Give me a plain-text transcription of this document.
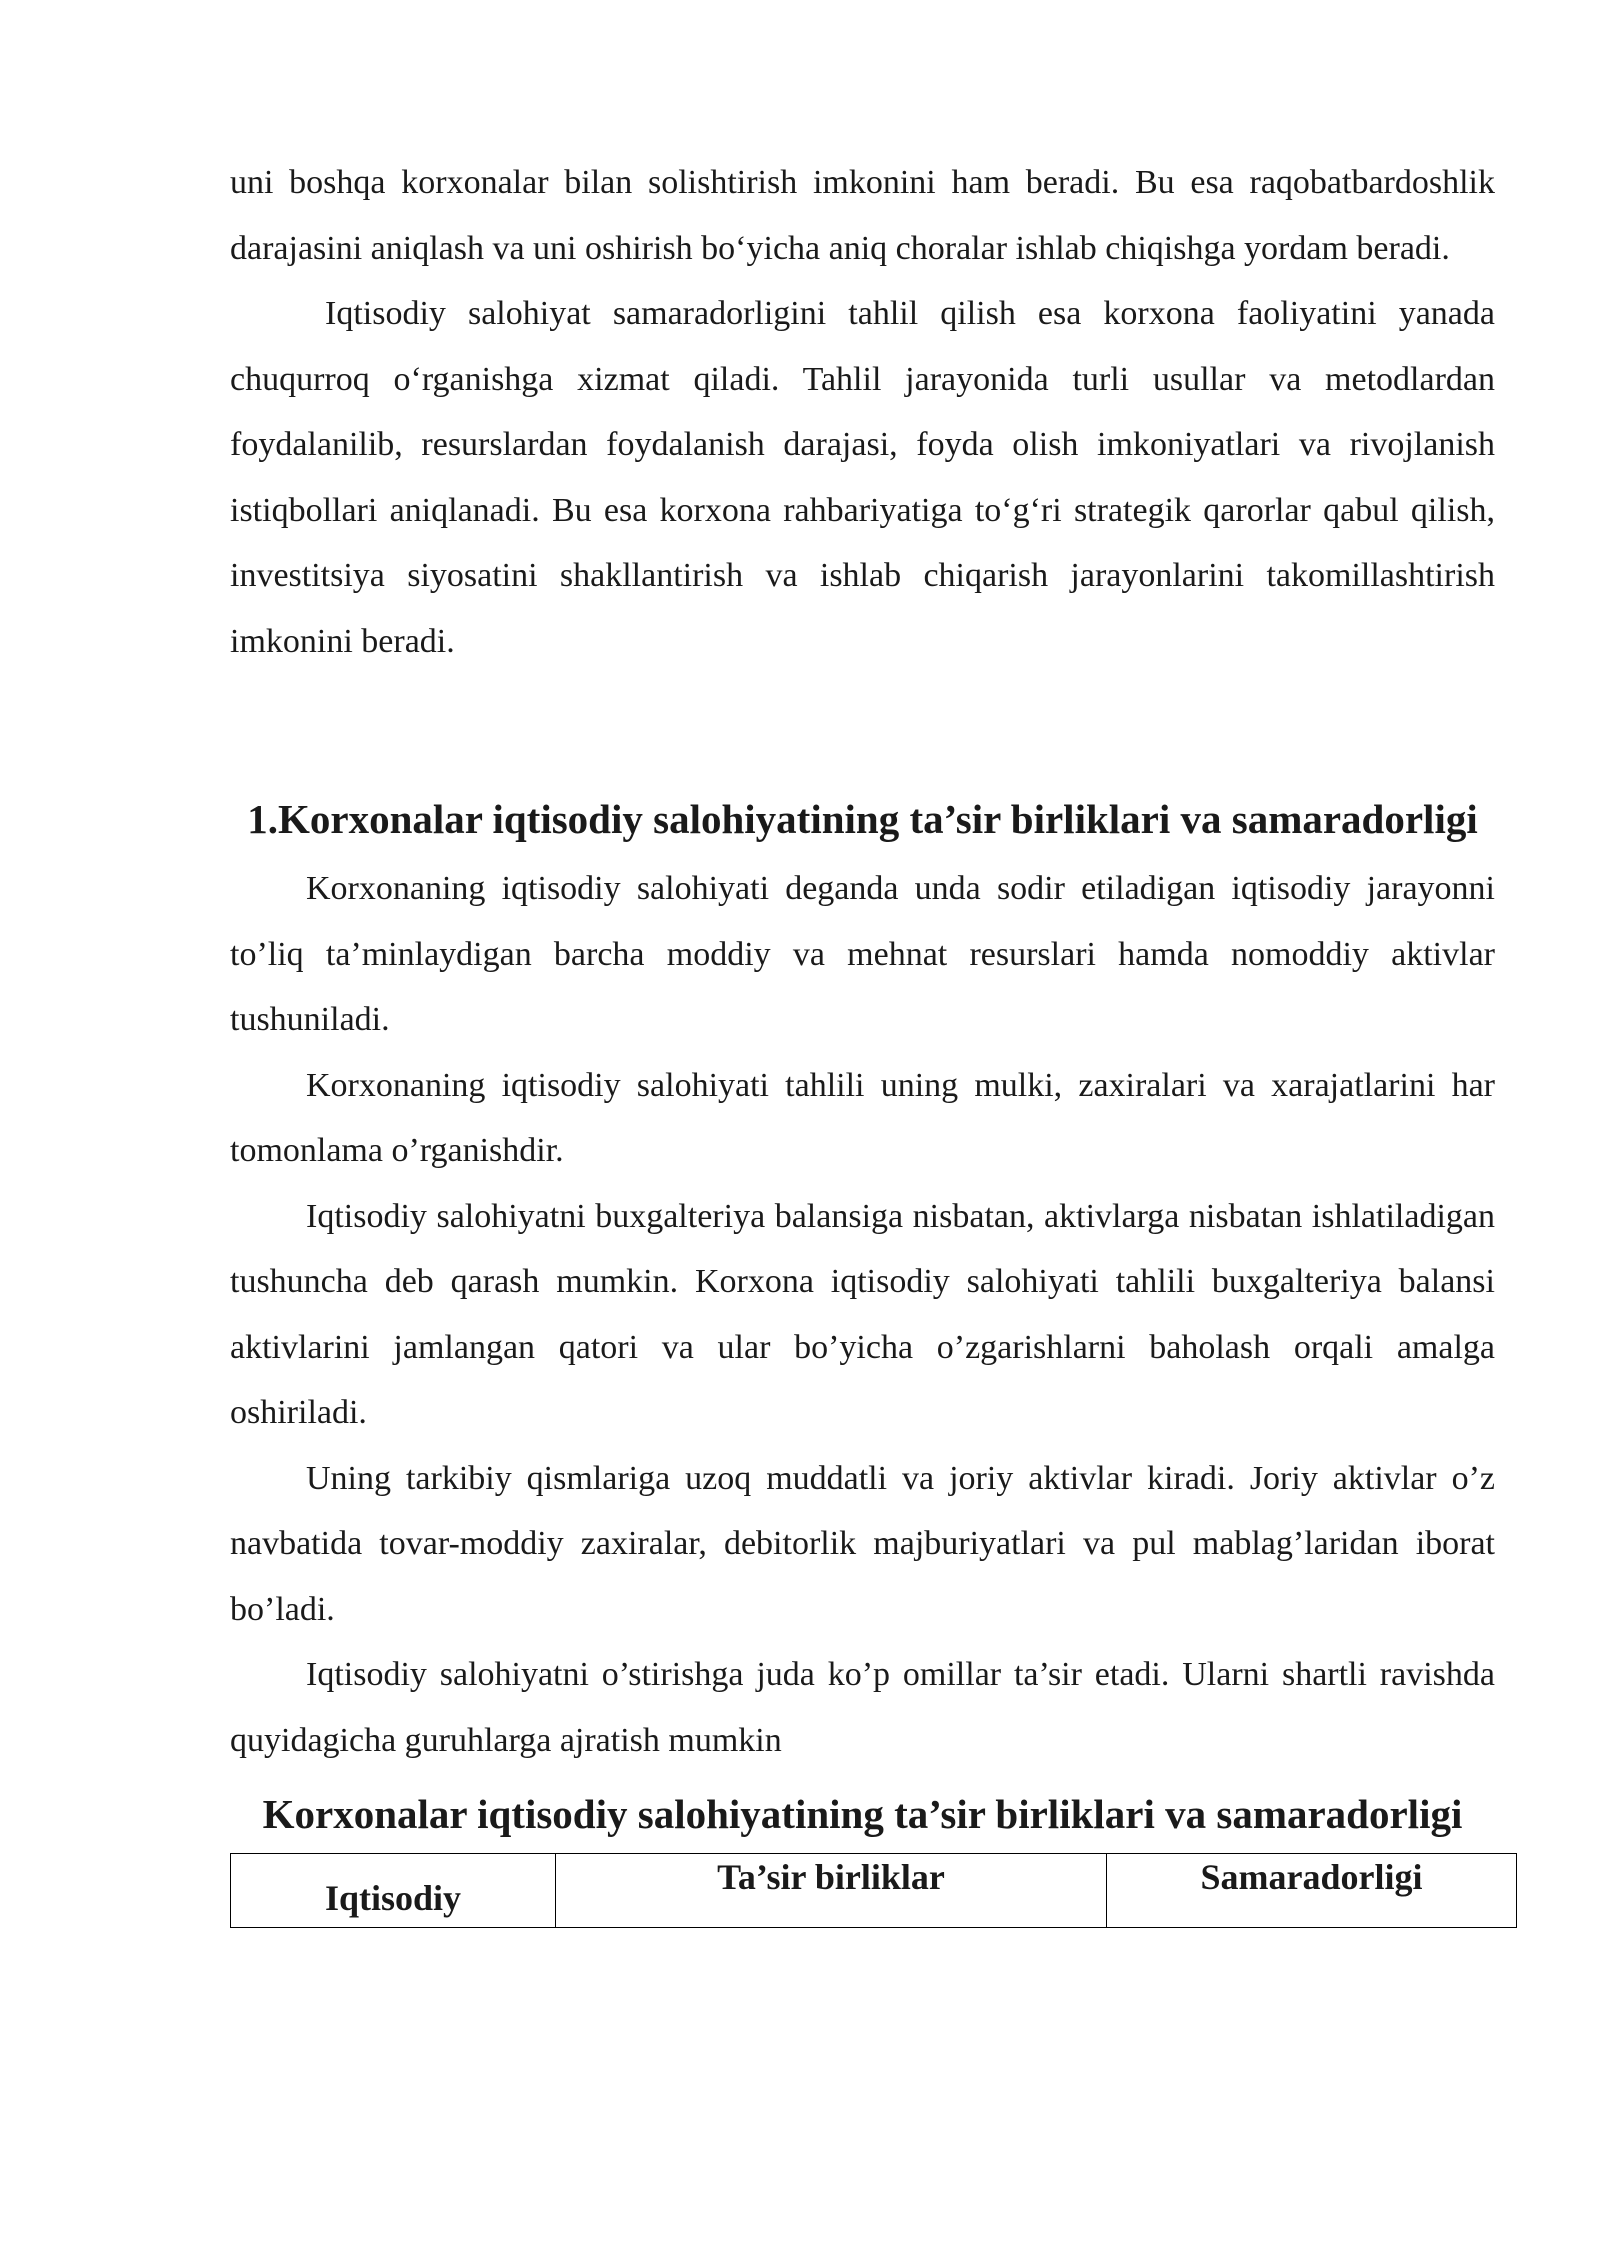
uni boshqa korxonalar bilan solishtirish imkonini ham beradi. Bu esa raqobatbardoshlik darajasini aniqlash va uni oshirish bo‘yicha aniq choralar ishlab chiqishga yordam beradi.

Iqtisodiy salohiyat samaradorligini tahlil qilish esa korxona faoliyatini yanada chuqurroq o‘rganishga xizmat qiladi. Tahlil jarayonida turli usullar va metodlardan foydalanilib, resurslardan foydalanish darajasi, foyda olish imkoniyatlari va rivojlanish istiqbollari aniqlanadi. Bu esa korxona rahbariyatiga to‘g‘ri strategik qarorlar qabul qilish, investitsiya siyosatini shakllantirish va ishlab chiqarish jarayonlarini takomillashtirish imkonini beradi.

1.Korxonalar iqtisodiy salohiyatining ta’sir birliklari va samaradorligi

Korxonaning iqtisodiy salohiyati deganda unda sodir etiladigan iqtisodiy jarayonni to’liq ta’minlaydigan barcha moddiy va mehnat resurslari hamda nomoddiy aktivlar tushuniladi.

Korxonaning iqtisodiy salohiyati tahlili uning mulki, zaxiralari va xarajatlarini har tomonlama o’rganishdir.

Iqtisodiy salohiyatni buxgalteriya balansiga nisbatan, aktivlarga nisbatan ishlatiladigan tushuncha deb qarash mumkin. Korxona iqtisodiy salohiyati tahlili buxgalteriya balansi aktivlarini jamlangan qatori va ular bo’yicha o’zgarishlarni baholash orqali amalga oshiriladi.

Uning tarkibiy qismlariga uzoq muddatli va joriy aktivlar kiradi. Joriy aktivlar o’z navbatida tovar-moddiy zaxiralar, debitorlik majburiyatlari va pul mablag’laridan iborat bo’ladi.

Iqtisodiy salohiyatni o’stirishga juda ko’p omillar ta’sir etadi. Ularni shartli ravishda quyidagicha guruhlarga ajratish mumkin

Korxonalar iqtisodiy salohiyatining ta’sir birliklari va samaradorligi
Iqtisodiy	Ta’sir birliklar	Samaradorligi
